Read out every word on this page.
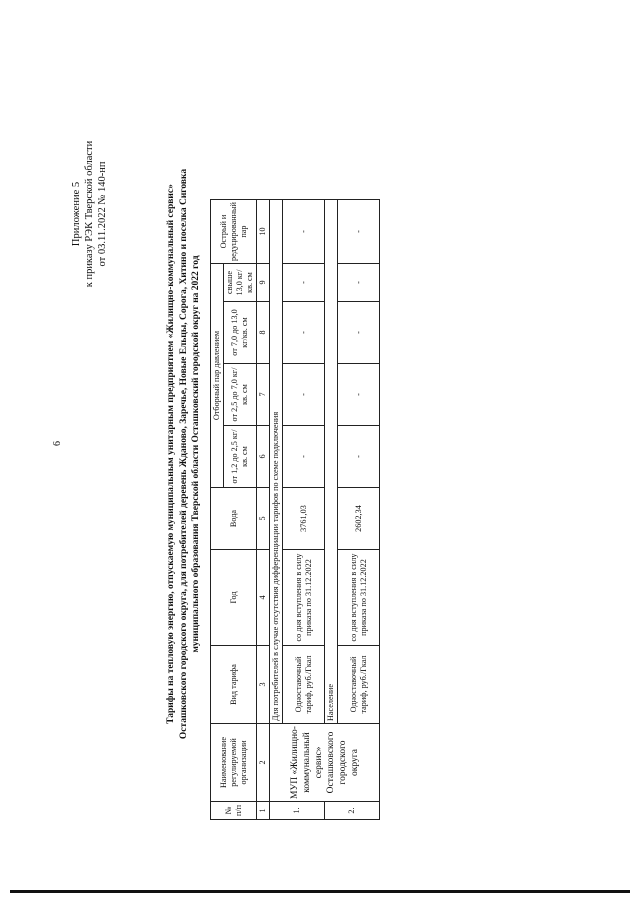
6
Приложение 5 к приказу РЭК Тверской области от 03.11.2022 № 140-нп	Тарифы на тепловую энергию, отпускаемую муниципальным унитарным предприятием «Жилищно-коммунальный сервис» Осташковского городского округа, для потребителей деревень Жданово, Заречье, Новые Ельцы, Сорога, Хитино и поселка Сиговка муниципального образования Тверской области Осташковский городской округ на 2022 год
№ п/п	Наименование регулируемой организации	Вид тарифа	Год	Вода	Отборный пар давлением				Острый и редуцированный пар
					от 1,2 до 2,5 кг/кв. см	от 2,5 до 7,0 кг/кв. см	от 7,0 до 13,0 кг/кв. см	свыше 13,0 кг/кв. см	
1	2	3	4	5	6	7	8	9	10
1.	МУП «Жилищно-коммунальный сервис» Осташковского городского округа	Для потребителей в случае отсутствия дифференциации тарифов по схеме подключения							
		Одноставочный тариф, руб./Гкал	со дня вступления в силу приказа по 31.12.2022	3761,03	-	-	-	-	-
2.		Население							
		Одноставочный тариф, руб./Гкал	со дня вступления в силу приказа по 31.12.2022	2602,34	-	-	-	-	-
